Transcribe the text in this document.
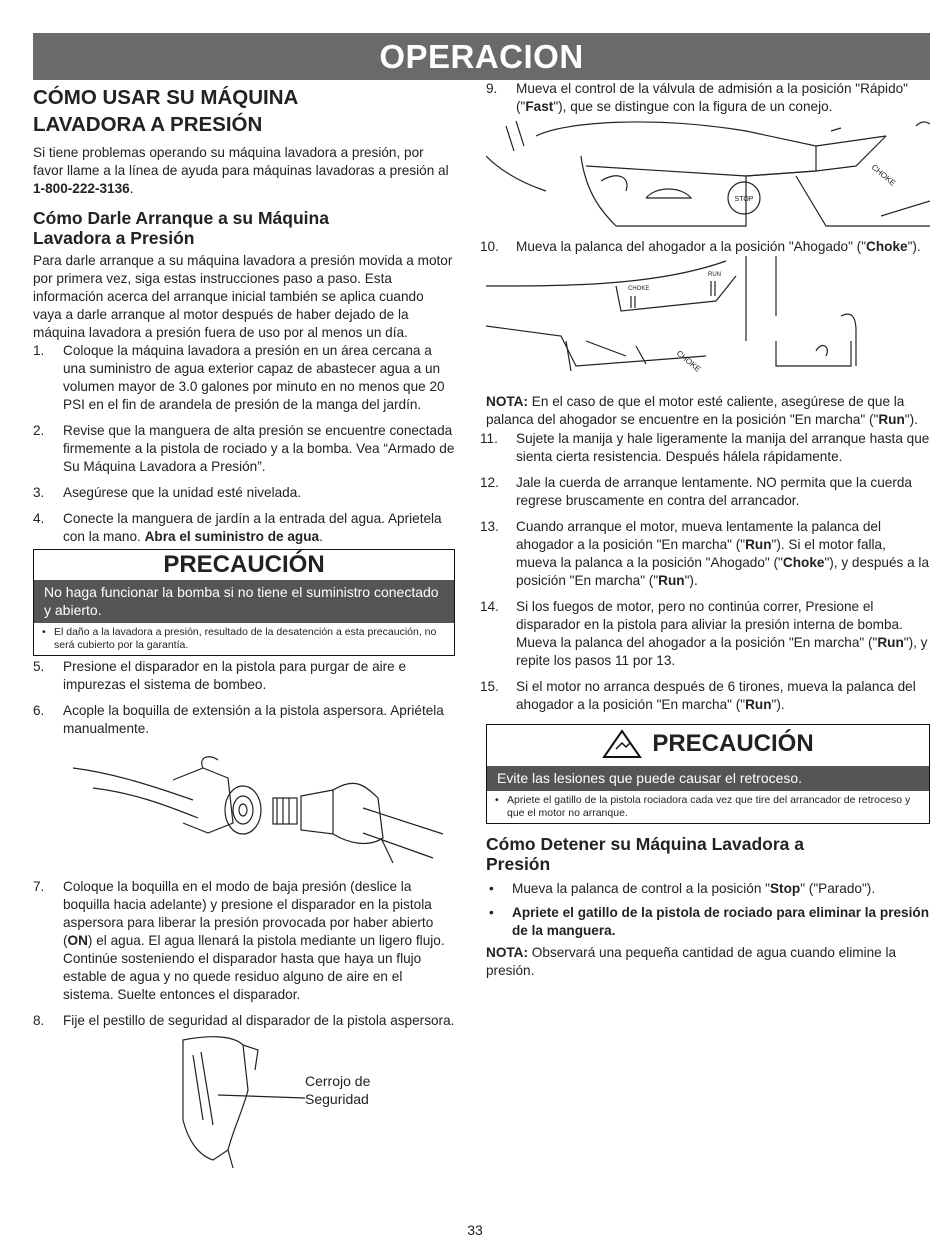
OPERACION
CÓMO USAR SU MÁQUINA
LAVADORA A PRESIÓN

Si tiene problemas operando su máquina lavadora a presión, por favor llame a la línea de ayuda para máquinas lavadoras a presión al 1-800-222-3136.

Cómo Darle Arranque a su Máquina
Lavadora a Presión

Para darle arranque a su máquina lavadora a presión movida a motor por primera vez, siga estas instrucciones paso a paso. Esta información acerca del arranque inicial también se aplica cuando vaya a darle arranque al motor después de haber dejado de la máquina lavadora a presión fuera de uso por al menos un día.

1. Coloque la máquina lavadora a presión en un área cercana a una suministro de agua exterior capaz de abastecer agua a un volumen mayor de 3.0 galones por minuto en no menos que 20 PSI en el fin de arandela de presión de la manga del jardín.
2. Revise que la manguera de alta presión se encuentre conectada firmemente a la pistola de rociado y a la bomba. Vea “Armado de Su Máquina Lavadora a Presión”.
3. Asegúrese que la unidad esté nivelada.
4. Conecte la manguera de jardín a la entrada del agua. Aprietela con la mano. Abra el suministro de agua.
PRECAUCIÓN
No haga funcionar la bomba si no tiene el suministro conectado y abierto.
• El daño a la lavadora a presión, resultado de la desatención a esta precaución, no será cubierto por la garantía.
5. Presione el disparador en la pistola para purgar de aire e impurezas el sistema de bombeo.
6. Acople la boquilla de extensión a la pistola aspersora. Apriétela manualmente.
7. Coloque la boquilla en el modo de baja presión (deslice la boquilla hacia adelante) y presione el disparador en la pistola aspersora para liberar la presión provocada por haber abierto (ON) el agua. El agua llenará la pistola mediante un ligero flujo. Continúe sosteniendo el disparador hasta que haya un flujo estable de agua y no quede residuo alguno de aire en el sistema. Suelte entonces el disparador.
8. Fije el pestillo de seguridad al disparador de la pistola aspersora.
Cerrojo de
Seguridad
9. Mueva el control de la válvula de admisión a la posición "Rápido" ("Fast"), que se distingue con la figura de un conejo.
STOP
CHOKE
10. Mueva la palanca del ahogador a la posición "Ahogado" ("Choke").
CHOKE
RUN
CHOKE

NOTA: En el caso de que el motor esté caliente, asegúrese de que la palanca del ahogador se encuentre en la posición "En marcha" ("Run").

11. Sujete la manija y hale ligeramente la manija del arranque hasta que sienta cierta resistencia. Después hálela rápidamente.
12. Jale la cuerda de arranque lentamente. NO permita que la cuerda regrese bruscamente en contra del arrancador.
13. Cuando arranque el motor, mueva lentamente la palanca del ahogador a la posición "En marcha" ("Run"). Si el motor falla, mueva la palanca a la posición "Ahogado" ("Choke"), y después a la posición "En marcha" ("Run").
14. Si los fuegos de motor, pero no continúa correr, Presione el disparador en la pistola para aliviar la presión interna de bomba. Mueva la palanca del ahogador a la posición "En marcha" ("Run"), y repite los pasos 11 por 13.
15. Si el motor no arranca después de 6 tirones, mueva la palanca del ahogador a la posición "En marcha" ("Run").
PRECAUCIÓN
Evite las lesiones que puede causar el retroceso.
• Apriete el gatillo de la pistola rociadora cada vez que tire del arrancador de retroceso y que el motor no arranque.
Cómo Detener su Máquina Lavadora a
Presión
• Mueva la palanca de control a la posición "Stop" ("Parado").
• Apriete el gatillo de la pistola de rociado para eliminar la presión de la manguera.

NOTA: Observará una pequeña cantidad de agua cuando elimine la presión.

33
